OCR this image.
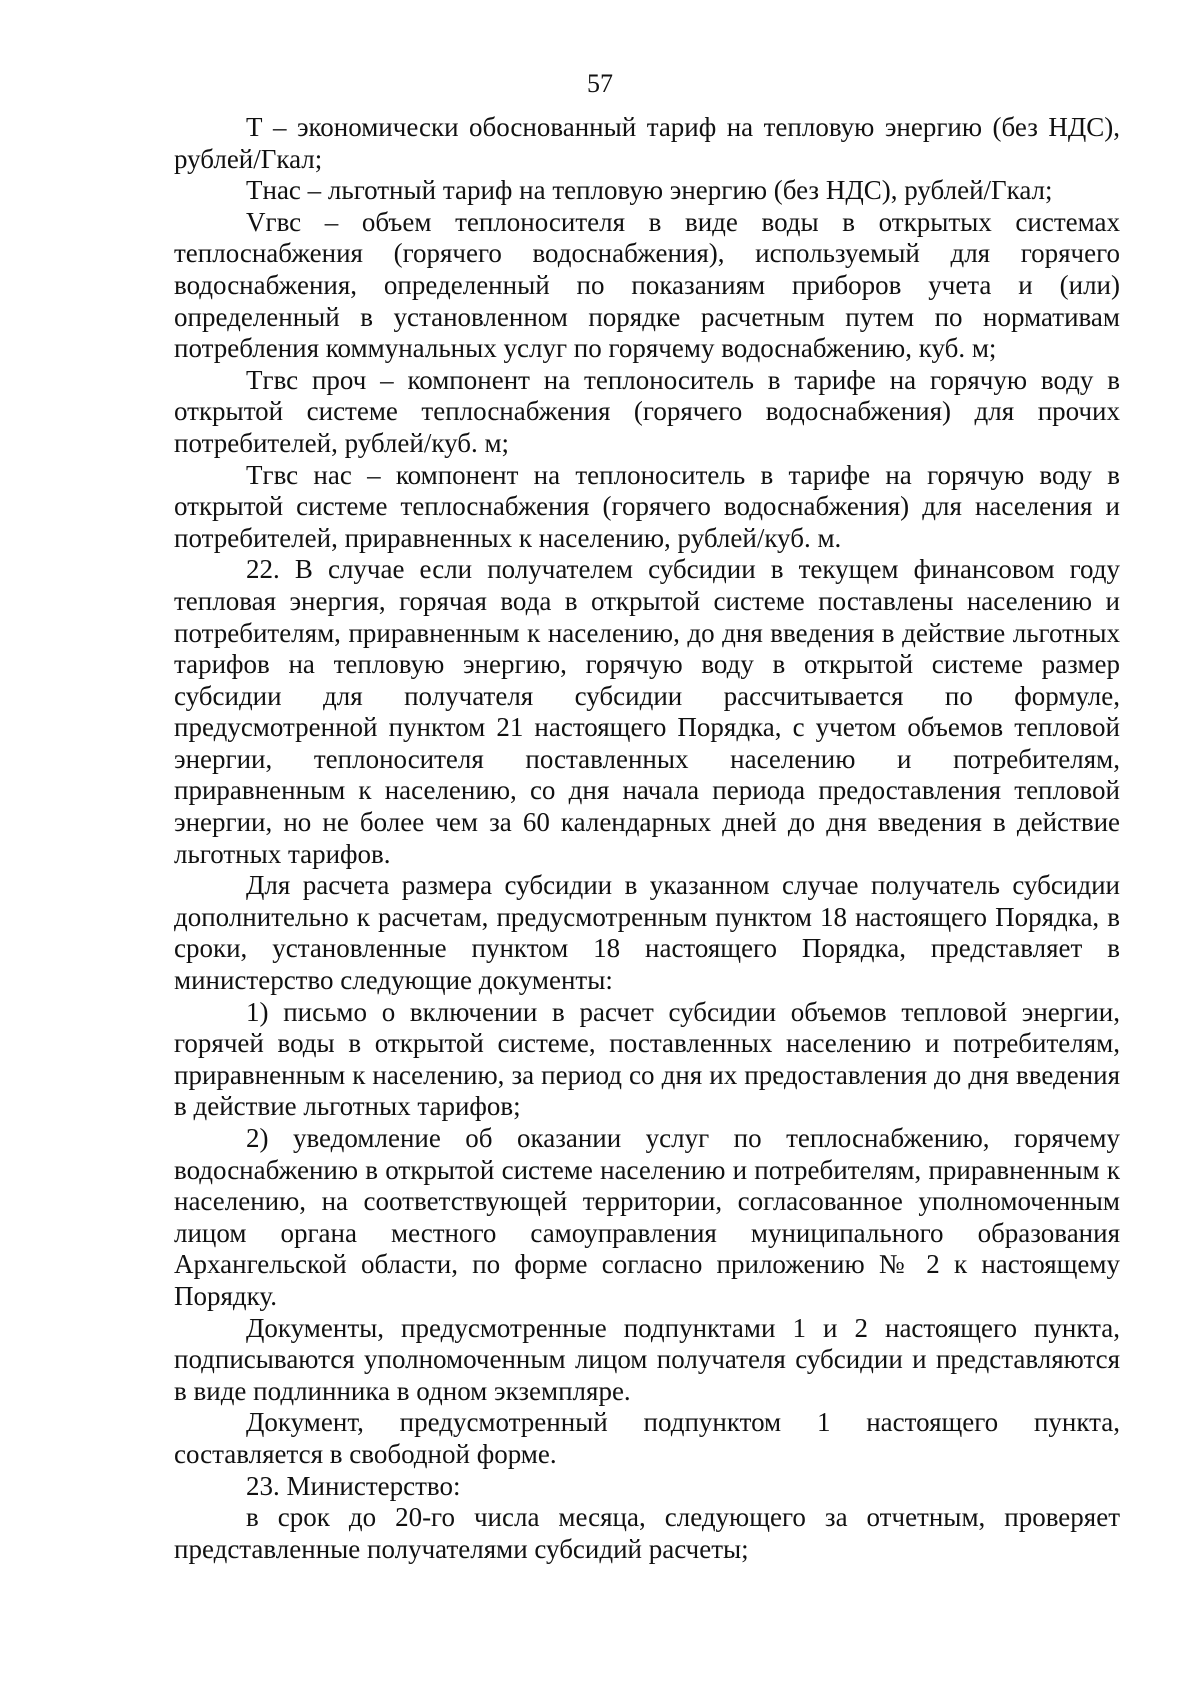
57

Т – экономически обоснованный тариф на тепловую энергию (без НДС), рублей/Гкал;

Тнас – льготный тариф на тепловую энергию (без НДС), рублей/Гкал;

Vгвс – объем теплоносителя в виде воды в открытых системах теплоснабжения (горячего водоснабжения), используемый для горячего водоснабжения, определенный по показаниям приборов учета и (или) определенный в установленном порядке расчетным путем по нормативам потребления коммунальных услуг по горячему водоснабжению, куб. м;

Тгвс проч – компонент на теплоноситель в тарифе на горячую воду в открытой системе теплоснабжения (горячего водоснабжения) для прочих потребителей, рублей/куб. м;

Тгвс нас – компонент на теплоноситель в тарифе на горячую воду в открытой системе теплоснабжения (горячего водоснабжения) для населения и потребителей, приравненных к населению, рублей/куб. м.

22. В случае если получателем субсидии в текущем финансовом году тепловая энергия, горячая вода в открытой системе поставлены населению и потребителям, приравненным к населению, до дня введения в действие льготных тарифов на тепловую энергию, горячую воду в открытой системе размер субсидии для получателя субсидии рассчитывается по формуле, предусмотренной пунктом 21 настоящего Порядка, с учетом объемов тепловой энергии, теплоносителя поставленных населению и потребителям, приравненным к населению, со дня начала периода предоставления тепловой энергии, но не более чем за 60 календарных дней до дня введения в действие льготных тарифов.

Для расчета размера субсидии в указанном случае получатель субсидии дополнительно к расчетам, предусмотренным пунктом 18 настоящего Порядка, в сроки, установленные пунктом 18 настоящего Порядка, представляет в министерство следующие документы:

1) письмо о включении в расчет субсидии объемов тепловой энергии, горячей воды в открытой системе, поставленных населению и потребителям, приравненным к населению, за период со дня их предоставления до дня введения в действие льготных тарифов;

2) уведомление об оказании услуг по теплоснабжению, горячему водоснабжению в открытой системе населению и потребителям, приравненным к населению, на соответствующей территории, согласованное уполномоченным лицом органа местного самоуправления муниципального образования Архангельской области, по форме согласно приложению № 2 к настоящему Порядку.

Документы, предусмотренные подпунктами 1 и 2 настоящего пункта, подписываются уполномоченным лицом получателя субсидии и представляются в виде подлинника в одном экземпляре.

Документ, предусмотренный подпунктом 1 настоящего пункта, составляется в свободной форме.

23. Министерство:

в срок до 20-го числа месяца, следующего за отчетным, проверяет представленные получателями субсидий расчеты;
